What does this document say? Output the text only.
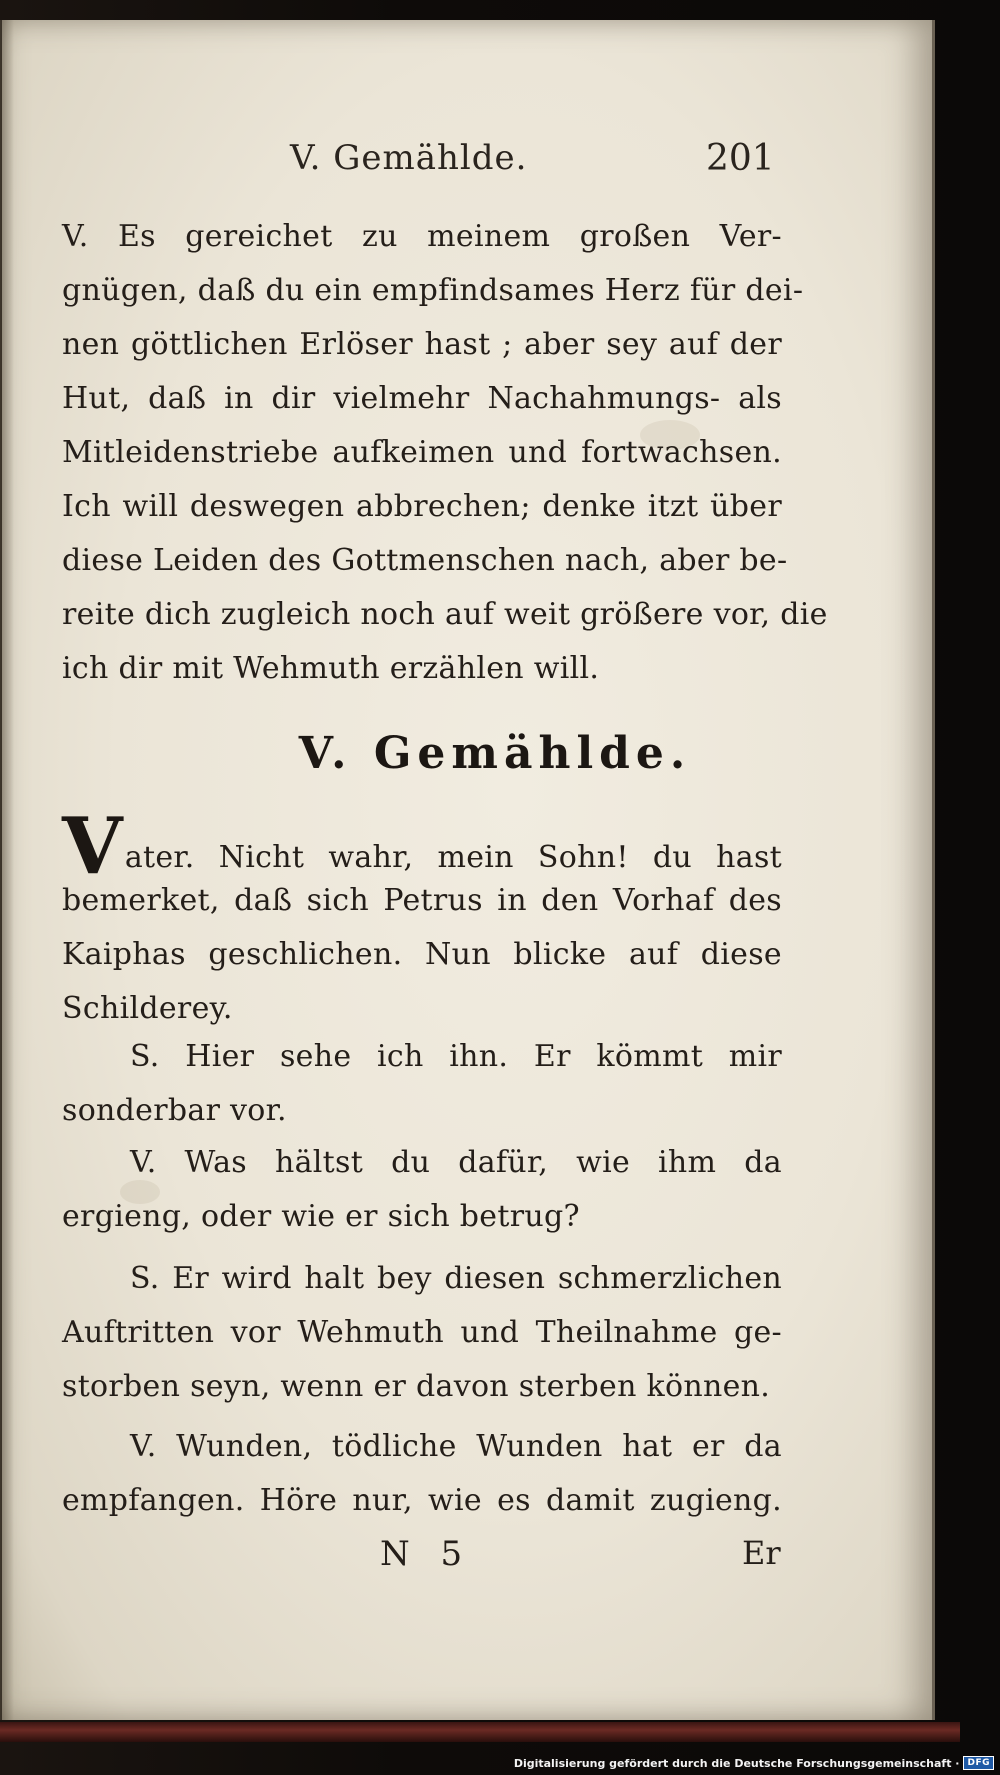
V. Gemählde.	201
V. Es gereichet zu meinem großen Ver-
gnügen, daß du ein empfindsames Herz für dei-
nen göttlichen Erlöser hast ; aber sey auf der
Hut, daß in dir vielmehr Nachahmungs- als
Mitleidenstriebe aufkeimen und fortwachsen.
Ich will deswegen abbrechen; denke itzt über
diese Leiden des Gottmenschen nach, aber be-
reite dich zugleich noch auf weit größere vor, die
ich dir mit Wehmuth erzählen will.
V. Gemählde.
Vater. Nicht wahr, mein Sohn! du hast
bemerket, daß sich Petrus in den Vorhaf des
Kaiphas geschlichen. Nun blicke auf diese
Schilderey.
S. Hier sehe ich ihn. Er kömmt mir
sonderbar vor.
V. Was hältst du dafür, wie ihm da
ergieng, oder wie er sich betrug?
S. Er wird halt bey diesen schmerzlichen
Auftritten vor Wehmuth und Theilnahme ge-
storben seyn, wenn er davon sterben können.
V. Wunden, tödliche Wunden hat er da
empfangen. Höre nur, wie es damit zugieng.
N 5	Er
Digitalisierung gefördert durch die Deutsche Forschungsgemeinschaft · DFG
